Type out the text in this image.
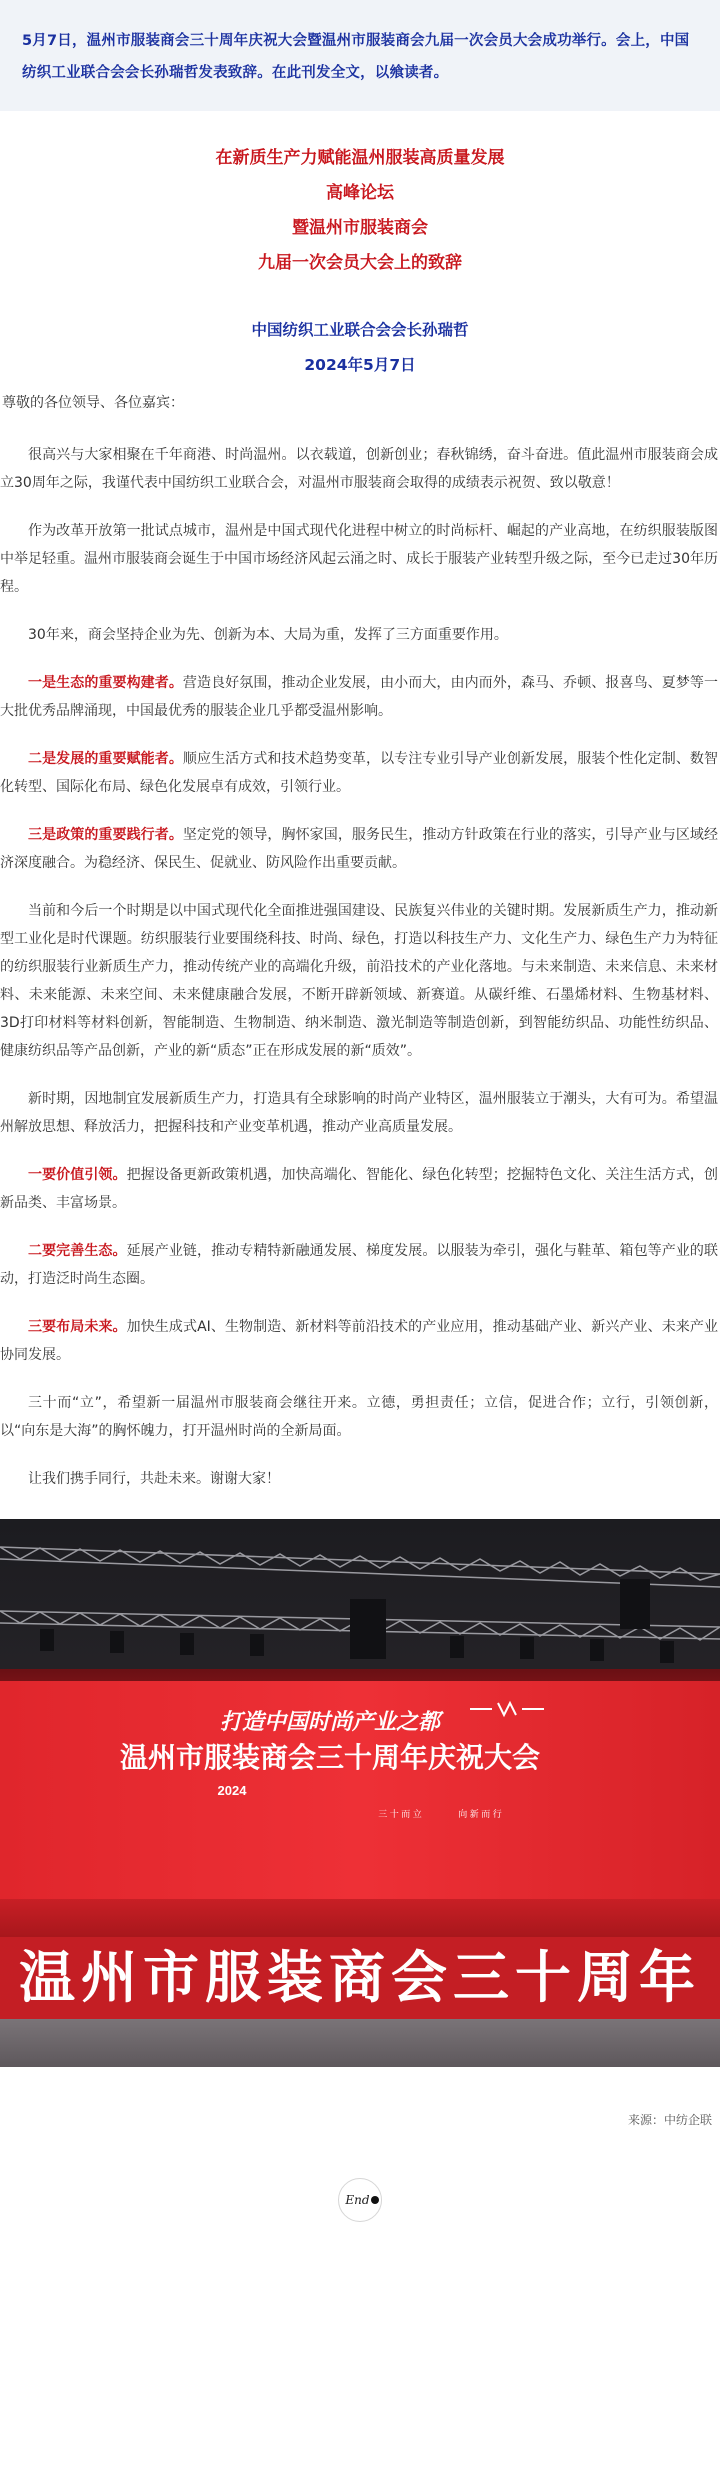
5月7日，温州市服装商会三十周年庆祝大会暨温州市服装商会九届一次会员大会成功举行。会上，中国纺织工业联合会会长孙瑞哲发表致辞。在此刊发全文，以飨读者。

在新质生产力赋能温州服装高质量发展
高峰论坛
暨温州市服装商会
九届一次会员大会上的致辞
中国纺织工业联合会会长孙瑞哲
2024年5月7日
尊敬的各位领导、各位嘉宾：

很高兴与大家相聚在千年商港、时尚温州。以衣载道，创新创业；春秋锦绣，奋斗奋进。值此温州市服装商会成立30周年之际，我谨代表中国纺织工业联合会，对温州市服装商会取得的成绩表示祝贺、致以敬意！

作为改革开放第一批试点城市，温州是中国式现代化进程中树立的时尚标杆、崛起的产业高地，在纺织服装版图中举足轻重。温州市服装商会诞生于中国市场经济风起云涌之时、成长于服装产业转型升级之际，至今已走过30年历程。

30年来，商会坚持企业为先、创新为本、大局为重，发挥了三方面重要作用。

一是生态的重要构建者。营造良好氛围，推动企业发展，由小而大，由内而外，森马、乔顿、报喜鸟、夏梦等一大批优秀品牌涌现，中国最优秀的服装企业几乎都受温州影响。

二是发展的重要赋能者。顺应生活方式和技术趋势变革，以专注专业引导产业创新发展，服装个性化定制、数智化转型、国际化布局、绿色化发展卓有成效，引领行业。

三是政策的重要践行者。坚定党的领导，胸怀家国，服务民生，推动方针政策在行业的落实，引导产业与区域经济深度融合。为稳经济、保民生、促就业、防风险作出重要贡献。

当前和今后一个时期是以中国式现代化全面推进强国建设、民族复兴伟业的关键时期。发展新质生产力，推动新型工业化是时代课题。纺织服装行业要围绕科技、时尚、绿色，打造以科技生产力、文化生产力、绿色生产力为特征的纺织服装行业新质生产力，推动传统产业的高端化升级，前沿技术的产业化落地。与未来制造、未来信息、未来材料、未来能源、未来空间、未来健康融合发展，不断开辟新领域、新赛道。从碳纤维、石墨烯材料、生物基材料、3D打印材料等材料创新，智能制造、生物制造、纳米制造、激光制造等制造创新，到智能纺织品、功能性纺织品、健康纺织品等产品创新，产业的新“质态”正在形成发展的新“质效”。

新时期，因地制宜发展新质生产力，打造具有全球影响的时尚产业特区，温州服装立于潮头，大有可为。希望温州解放思想、释放活力，把握科技和产业变革机遇，推动产业高质量发展。

一要价值引领。把握设备更新政策机遇，加快高端化、智能化、绿色化转型；挖掘特色文化、关注生活方式，创新品类、丰富场景。

二要完善生态。延展产业链，推动专精特新融通发展、梯度发展。以服装为牵引，强化与鞋革、箱包等产业的联动，打造泛时尚生态圈。

三要布局未来。加快生成式AI、生物制造、新材料等前沿技术的产业应用，推动基础产业、新兴产业、未来产业协同发展。

三十而“立”，希望新一届温州市服装商会继往开来。立德，勇担责任；立信，促进合作；立行，引领创新，以“向东是大海”的胸怀魄力，打开温州时尚的全新局面。

让我们携手同行，共赴未来。谢谢大家！

打造中国时尚产业之都
温州市服装商会三十周年庆祝大会
2024
三 十 而 立	向 新 而 行
温州市服装商会三十周年
来源：中纺企联
End
